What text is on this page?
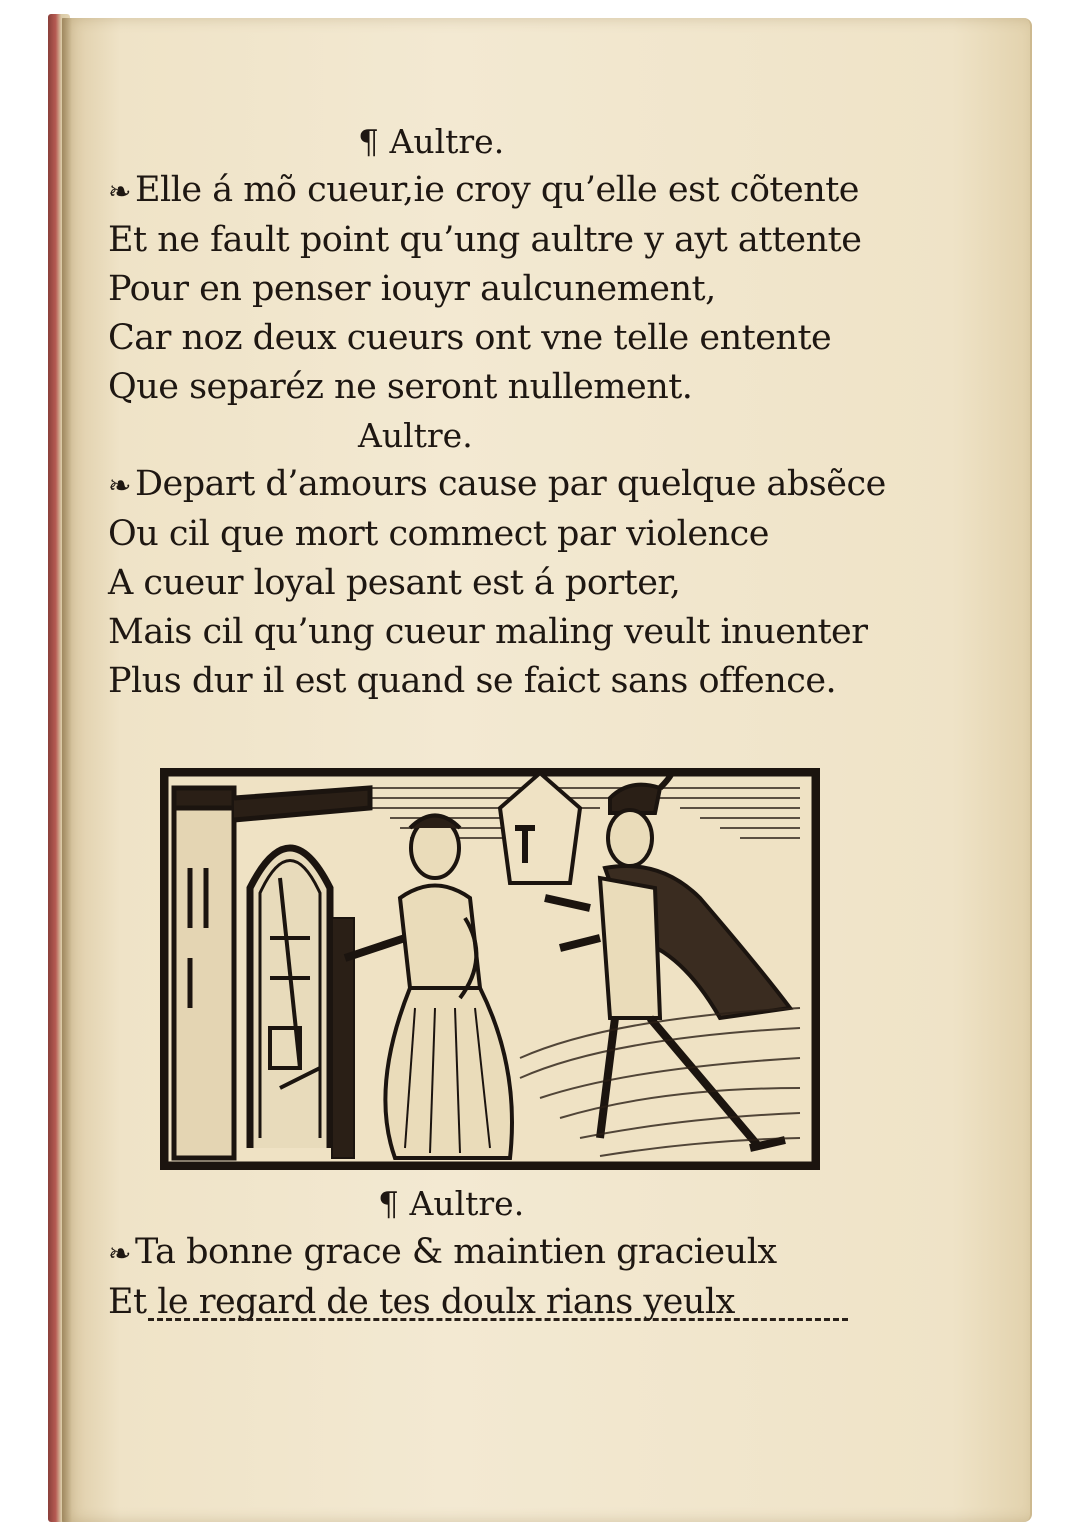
¶ Aultre.
❧ Elle á mõ cueur,ie croy qu’elle est cõtente
Et ne fault point qu’ung aultre y ayt attente
Pour en penser iouyr aulcunement,
Car noz deux cueurs ont vne telle entente
Que separéz ne seront nullement.
Aultre.
❧ Depart d’amours cause par quelque absẽce
Ou cil que mort commect par violence
A cueur loyal pesant est á porter,
Mais cil qu’ung cueur maling veult inuenter
Plus dur il est quand se faict sans offence.
¶ Aultre.
❧ Ta bonne grace & maintien gracieulx
Et le regard de tes doulx rians yeulx
